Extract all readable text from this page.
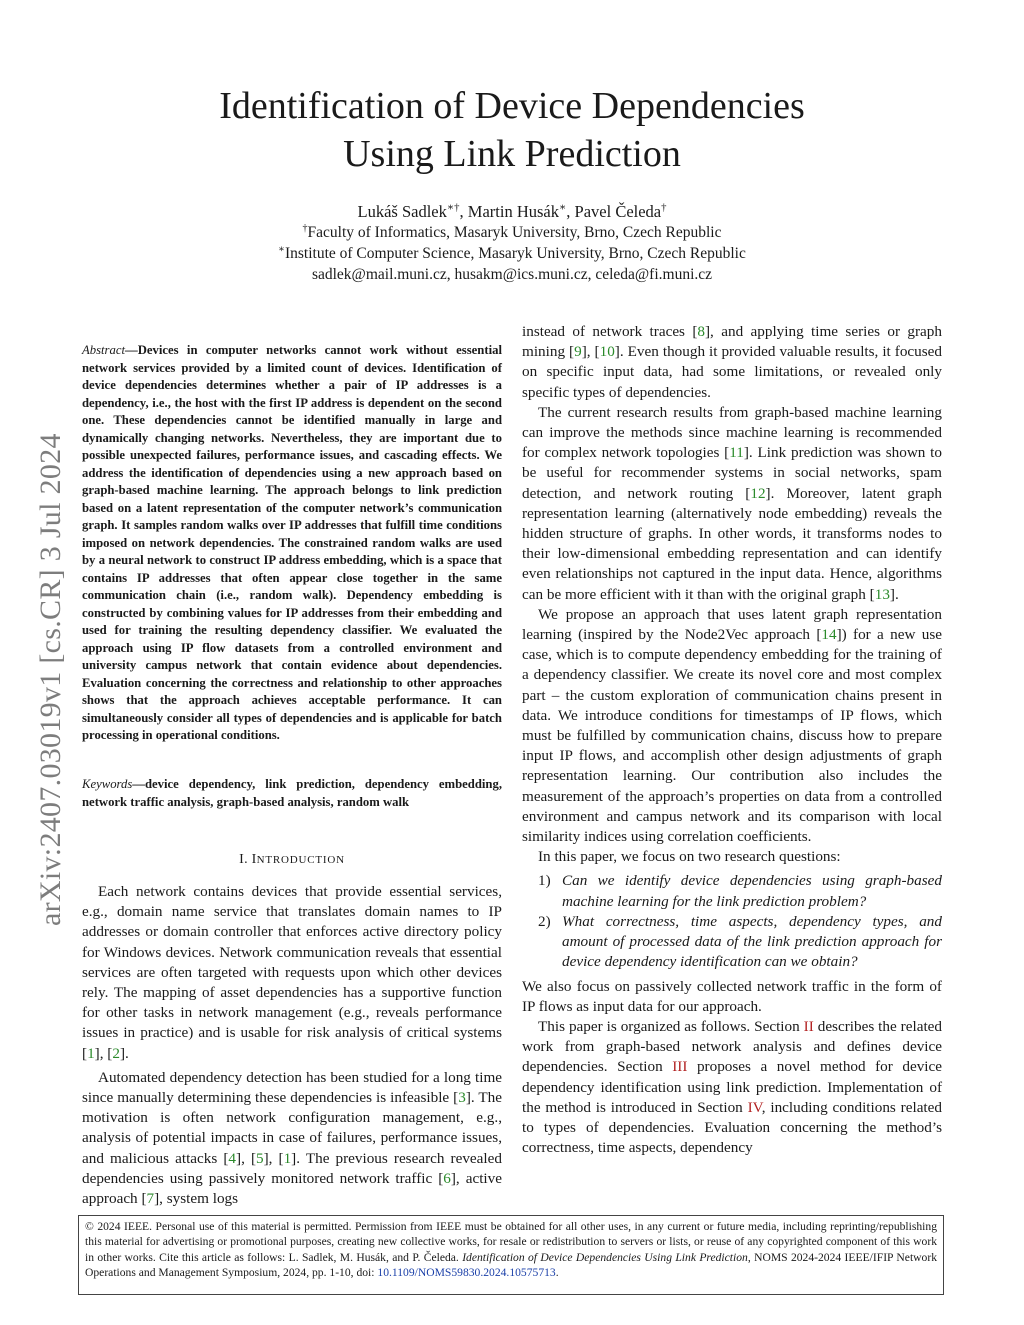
Identification of Device Dependencies
Using Link Prediction
Lukáš Sadlek∗†, Martin Husák∗, Pavel Čeleda†
†Faculty of Informatics, Masaryk University, Brno, Czech Republic
∗Institute of Computer Science, Masaryk University, Brno, Czech Republic
sadlek@mail.muni.cz, husakm@ics.muni.cz, celeda@fi.muni.cz
arXiv:2407.03019v1 [cs.CR] 3 Jul 2024
Abstract—Devices in computer networks cannot work without essential network services provided by a limited count of devices. Identification of device dependencies determines whether a pair of IP addresses is a dependency, i.e., the host with the first IP address is dependent on the second one. These dependencies cannot be identified manually in large and dynamically changing networks. Nevertheless, they are important due to possible unexpected failures, performance issues, and cascading effects. We address the identification of dependencies using a new approach based on graph-based machine learning. The approach belongs to link prediction based on a latent representation of the computer network’s communication graph. It samples random walks over IP addresses that fulfill time conditions imposed on network dependencies. The constrained random walks are used by a neural network to construct IP address embedding, which is a space that contains IP addresses that often appear close together in the same communication chain (i.e., random walk). Dependency embedding is constructed by combining values for IP addresses from their embedding and used for training the resulting dependency classifier. We evaluated the approach using IP flow datasets from a controlled environment and university campus network that contain evidence about dependencies. Evaluation concerning the correctness and relationship to other approaches shows that the approach achieves acceptable performance. It can simultaneously consider all types of dependencies and is applicable for batch processing in operational conditions.
Keywords—device dependency, link prediction, dependency embedding, network traffic analysis, graph-based analysis, random walk
I. INTRODUCTION

Each network contains devices that provide essential services, e.g., domain name service that translates domain names to IP addresses or domain controller that enforces active directory policy for Windows devices. Network communication reveals that essential services are often targeted with requests upon which other devices rely. The mapping of asset dependencies has a supportive function for other tasks in network management (e.g., reveals performance issues in practice) and is usable for risk analysis of critical systems [1], [2].

Automated dependency detection has been studied for a long time since manually determining these dependencies is infeasible [3]. The motivation is often network configuration management, e.g., analysis of potential impacts in case of failures, performance issues, and malicious attacks [4], [5], [1]. The previous research revealed dependencies using passively monitored network traffic [6], active approach [7], system logs

instead of network traces [8], and applying time series or graph mining [9], [10]. Even though it provided valuable results, it focused on specific input data, had some limitations, or revealed only specific types of dependencies.

The current research results from graph-based machine learning can improve the methods since machine learning is recommended for complex network topologies [11]. Link prediction was shown to be useful for recommender systems in social networks, spam detection, and network routing [12]. Moreover, latent graph representation learning (alternatively node embedding) reveals the hidden structure of graphs. In other words, it transforms nodes to their low-dimensional embedding representation and can identify even relationships not captured in the input data. Hence, algorithms can be more efficient with it than with the original graph [13].

We propose an approach that uses latent graph representation learning (inspired by the Node2Vec approach [14]) for a new use case, which is to compute dependency embedding for the training of a dependency classifier. We create its novel core and most complex part – the custom exploration of communication chains present in data. We introduce conditions for timestamps of IP flows, which must be fulfilled by communication chains, discuss how to prepare input IP flows, and accomplish other design adjustments of graph representation learning. Our contribution also includes the measurement of the approach’s properties on data from a controlled environment and campus network and its comparison with local similarity indices using correlation coefficients.

In this paper, we focus on two research questions:

1) Can we identify device dependencies using graph-based machine learning for the link prediction problem?
2) What correctness, time aspects, dependency types, and amount of processed data of the link prediction approach for device dependency identification can we obtain?

We also focus on passively collected network traffic in the form of IP flows as input data for our approach.

This paper is organized as follows. Section II describes the related work from graph-based network analysis and defines device dependencies. Section III proposes a novel method for device dependency identification using link prediction. Implementation of the method is introduced in Section IV, including conditions related to types of dependencies. Evaluation concerning the method’s correctness, time aspects, dependency

© 2024 IEEE. Personal use of this material is permitted. Permission from IEEE must be obtained for all other uses, in any current or future media, including reprinting/republishing this material for advertising or promotional purposes, creating new collective works, for resale or redistribution to servers or lists, or reuse of any copyrighted component of this work in other works. Cite this article as follows: L. Sadlek, M. Husák, and P. Čeleda. Identification of Device Dependencies Using Link Prediction, NOMS 2024-2024 IEEE/IFIP Network Operations and Management Symposium, 2024, pp. 1-10, doi: 10.1109/NOMS59830.2024.10575713.
